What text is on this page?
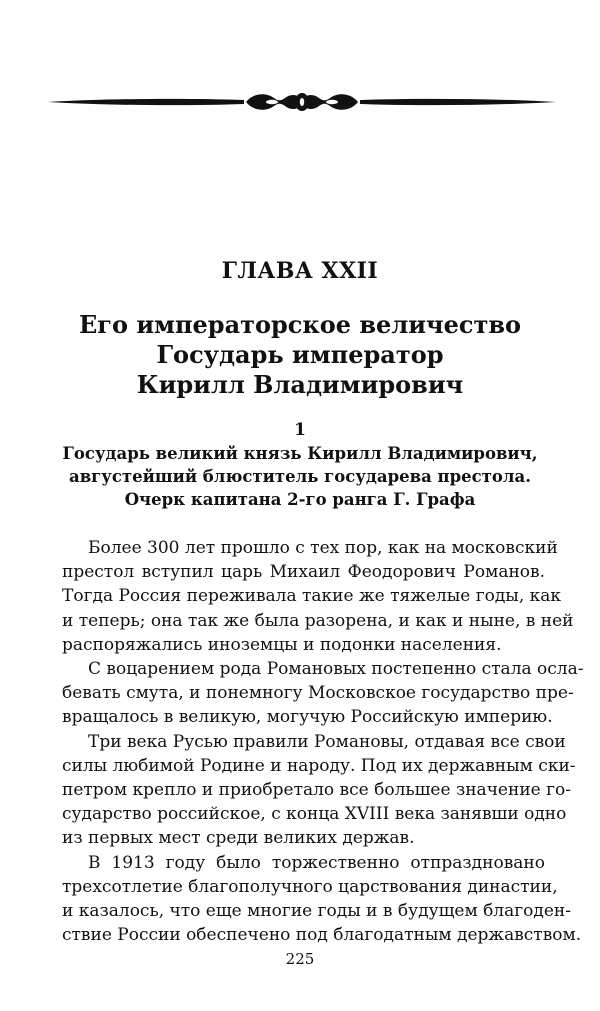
ГЛАВА XXII
Его императорское величество
Государь император
Кирилл Владимирович
1
Государь великий князь Кирилл Владимирович,
августейший блюститель государева престола.
Очерк капитана 2-го ранга Г. Графа
Более 300 лет прошло с тех пор, как на московский
престол вступил царь Михаил Феодорович Романов.
Тогда Россия переживала такие же тяжелые годы, как
и теперь; она так же была разорена, и как и ныне, в ней
распоряжались иноземцы и подонки населения.
С воцарением рода Романовых постепенно стала осла-
бевать смута, и понемногу Московское государство пре-
вращалось в великую, могучую Российскую империю.
Три века Русью правили Романовы, отдавая все свои
силы любимой Родине и народу. Под их державным ски-
петром крепло и приобретало все большее значение го-
сударство российское, с конца XVIII века занявши одно
из первых мест среди великих держав.
В 1913 году было торжественно отпраздновано
трехсотлетие благополучного царствования династии,
и казалось, что еще многие годы и в будущем благоден-
ствие России обеспечено под благодатным державством.
225
